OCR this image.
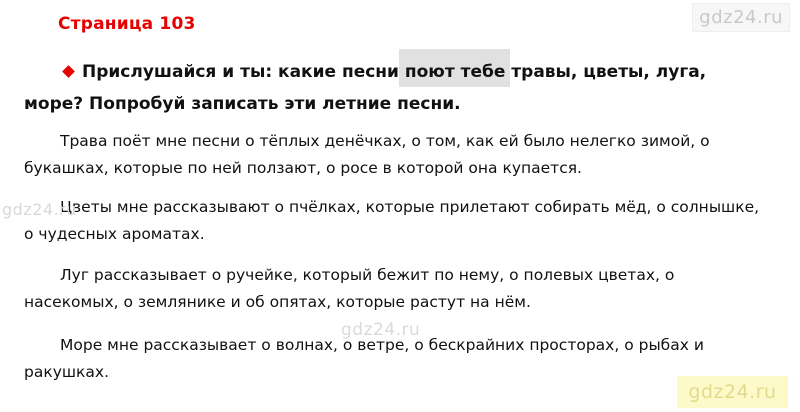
Страница 103	gdz24.ru
Прислушайся и ты: какие песни поют тебе травы, цветы, луга, море? Попробуй записать эти летние песни.

Трава поёт мне песни о тёплых денёчках, о том, как ей было нелегко зимой, о букашках, которые по ней ползают, о росе в которой она купается.

Цветы мне рассказывают о пчёлках, которые прилетают собирать мёд, о солнышке, о чудесных ароматах.

Луг рассказывает о ручейке, который бежит по нему, о полевых цветах, о насекомых, о землянике и об опятах, которые растут на нём.

Море мне рассказывает о волнах, о ветре, о бескрайних просторах, о рыбах и ракушках.

gdz24.ru
gdz24.ru
gdz24.ru
